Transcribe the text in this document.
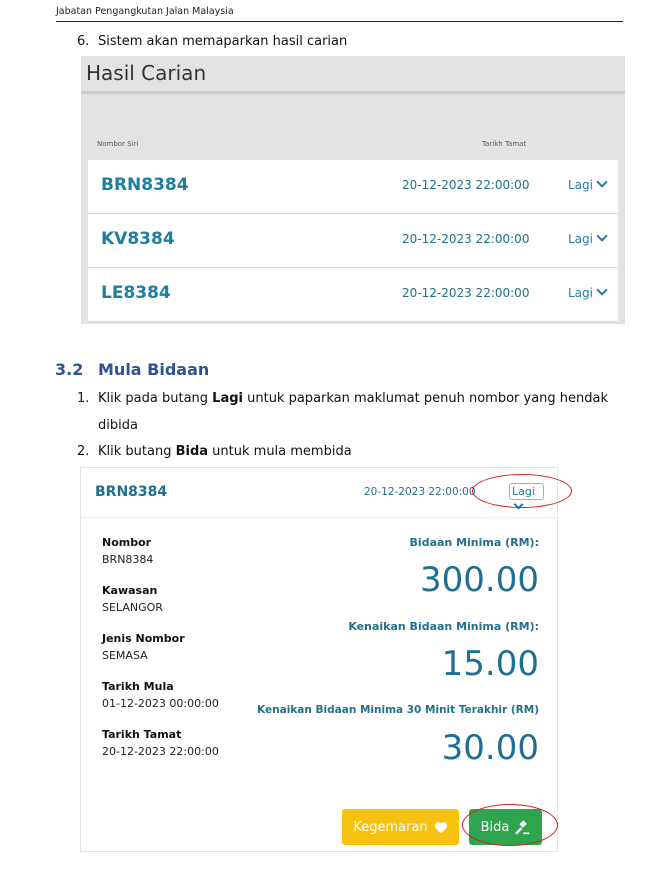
Jabatan Pengangkutan Jalan Malaysia
6. Sistem akan memaparkan hasil carian
Hasil Carian
Nombor Siri	Tarikh Tamat
BRN8384	20-12-2023 22:00:00	Lagi
KV8384	20-12-2023 22:00:00	Lagi
LE8384	20-12-2023 22:00:00	Lagi
3.2 Mula Bidaan
1. Klik pada butang Lagi untuk paparkan maklumat penuh nombor yang hendak
dibida
2. Klik butang Bida untuk mula membida
BRN8384	20-12-2023 22:00:00	Lagi
Nombor
BRN8384
Kawasan
SELANGOR
Jenis Nombor
SEMASA
Tarikh Mula
01-12-2023 00:00:00
Tarikh Tamat
20-12-2023 22:00:00
Bidaan Minima (RM):
300.00
Kenaikan Bidaan Minima (RM):
15.00
Kenaikan Bidaan Minima 30 Minit Terakhir (RM)
30.00
Kegemaran	Bida
